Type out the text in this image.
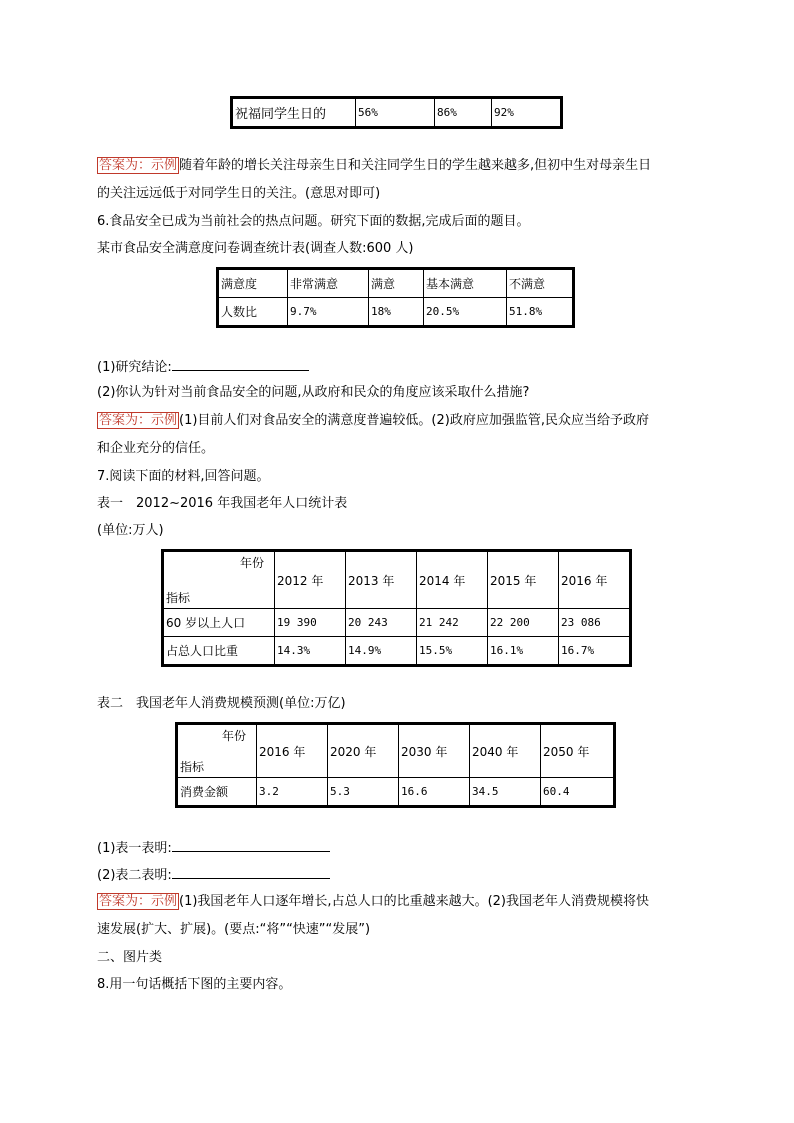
祝福同学生日的	56%	86%	92%
答案为：示例 随着年龄的增长关注母亲生日和关注同学生日的学生越来越多,但初中生对母亲生日
的关注远远低于对同学生日的关注。(意思对即可)
6.食品安全已成为当前社会的热点问题。研究下面的数据,完成后面的题目。
某市食品安全满意度问卷调查统计表(调查人数:600 人)
满意度	非常满意	满意	基本满意	不满意
人数比	9.7%	18%	20.5%	51.8%
(1)研究结论:
(2)你认为针对当前食品安全的问题,从政府和民众的角度应该采取什么措施?
答案为：示例 (1)目前人们对食品安全的满意度普遍较低。(2)政府应加强监管,民众应当给予政府
和企业充分的信任。
7.阅读下面的材料,回答问题。
表一　2012~2016 年我国老年人口统计表
(单位:万人)
年份
指标	2012 年	2013 年	2014 年	2015 年	2016 年
60 岁以上人口	19 390	20 243	21 242	22 200	23 086
占总人口比重	14.3%	14.9%	15.5%	16.1%	16.7%
表二　我国老年人消费规模预测(单位:万亿)
年份
指标	2016 年	2020 年	2030 年	2040 年	2050 年
消费金额	3.2	5.3	16.6	34.5	60.4
(1)表一表明:
(2)表二表明:
答案为：示例 (1)我国老年人口逐年增长,占总人口的比重越来越大。(2)我国老年人消费规模将快
速发展(扩大、扩展)。(要点:“将”“快速”“发展”)
二、图片类
8.用一句话概括下图的主要内容。
